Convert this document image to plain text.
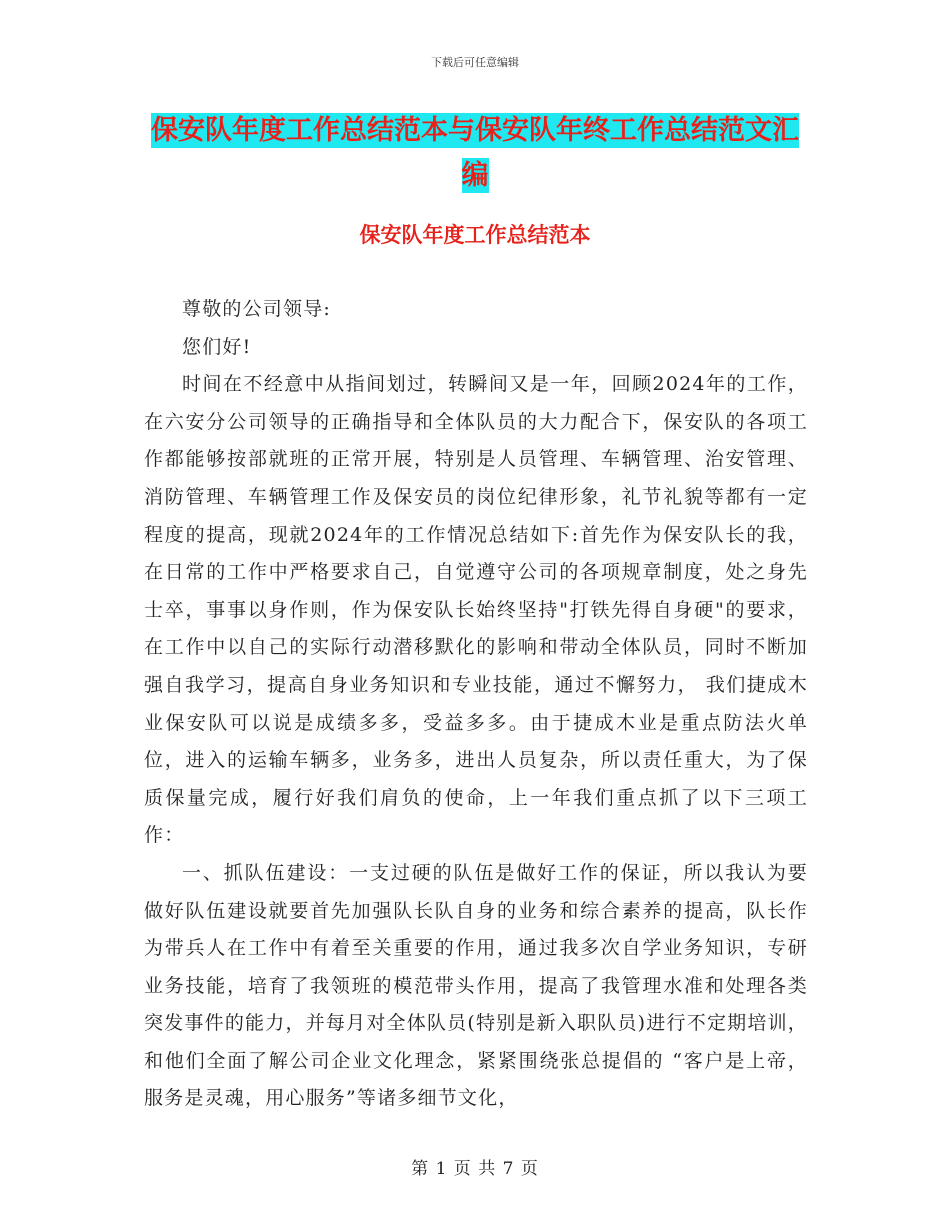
下载后可任意编辑
保安队年度工作总结范本与保安队年终工作总结范文汇编
保安队年度工作总结范本

尊敬的公司领导:

您们好!

时间在不经意中从指间划过，转瞬间又是一年，回顾2024年的工作，在六安分公司领导的正确指导和全体队员的大力配合下，保安队的各项工作都能够按部就班的正常开展，特别是人员管理、车辆管理、治安管理、消防管理、车辆管理工作及保安员的岗位纪律形象，礼节礼貌等都有一定程度的提高，现就2024年的工作情况总结如下:首先作为保安队长的我，在日常的工作中严格要求自己，自觉遵守公司的各项规章制度，处之身先士卒，事事以身作则，作为保安队长始终坚持"打铁先得自身硬"的要求，在工作中以自己的实际行动潜移默化的影响和带动全体队员，同时不断加强自我学习，提高自身业务知识和专业技能，通过不懈努力， 我们捷成木业保安队可以说是成绩多多，受益多多。由于捷成木业是重点防法火单位，进入的运输车辆多，业务多，进出人员复杂，所以责任重大，为了保质保量完成，履行好我们肩负的使命，上一年我们重点抓了以下三项工作：

一、抓队伍建设：一支过硬的队伍是做好工作的保证，所以我认为要做好队伍建设就要首先加强队长队自身的业务和综合素养的提高，队长作为带兵人在工作中有着至关重要的作用，通过我多次自学业务知识，专研业务技能，培育了我领班的模范带头作用，提高了我管理水准和处理各类突发事件的能力，并每月对全体队员(特别是新入职队员)进行不定期培训，和他们全面了解公司企业文化理念，紧紧围绕张总提倡的 “客户是上帝，服务是灵魂，用心服务”等诸多细节文化，

第 1 页 共 7 页
